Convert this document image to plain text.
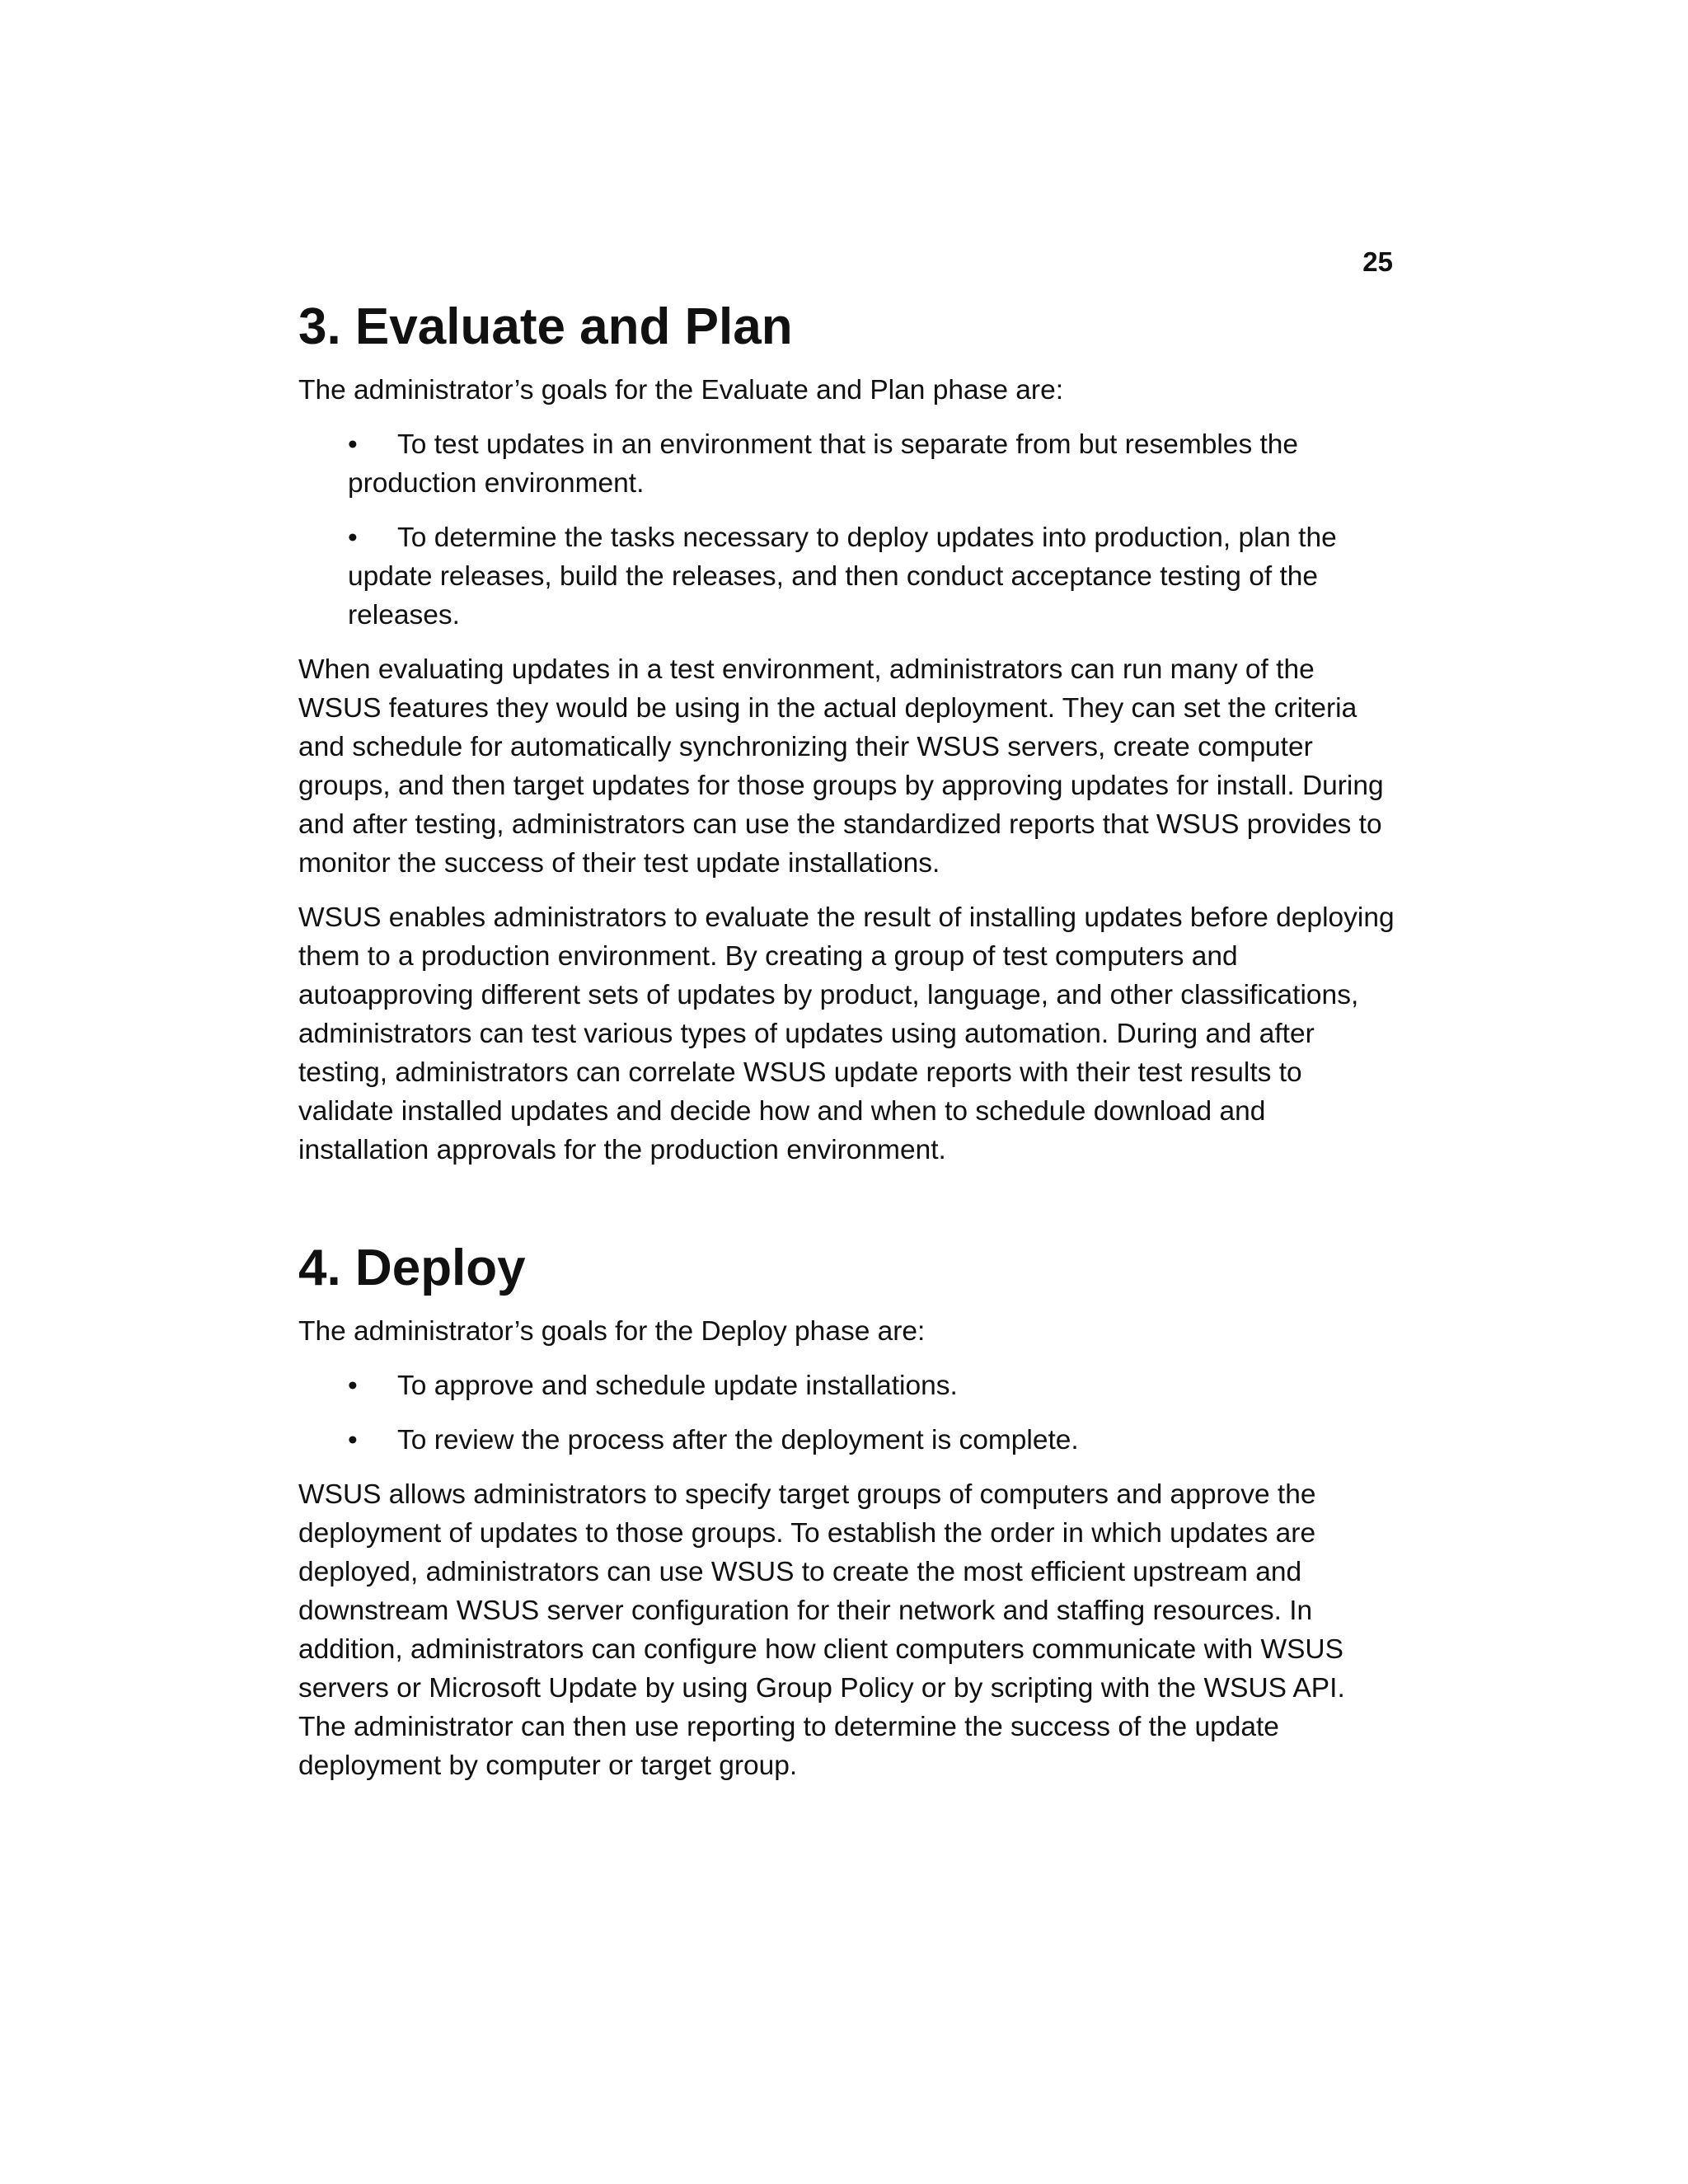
25
3. Evaluate and Plan

The administrator’s goals for the Evaluate and Plan phase are:

• To test updates in an environment that is separate from but resembles the production environment.
• To determine the tasks necessary to deploy updates into production, plan the update releases, build the releases, and then conduct acceptance testing of the releases.

When evaluating updates in a test environment, administrators can run many of the WSUS features they would be using in the actual deployment. They can set the criteria and schedule for automatically synchronizing their WSUS servers, create computer groups, and then target updates for those groups by approving updates for install. During and after testing, administrators can use the standardized reports that WSUS provides to monitor the success of their test update installations.

WSUS enables administrators to evaluate the result of installing updates before deploying them to a production environment. By creating a group of test computers and autoapproving different sets of updates by product, language, and other classifications, administrators can test various types of updates using automation. During and after testing, administrators can correlate WSUS update reports with their test results to validate installed updates and decide how and when to schedule download and installation approvals for the production environment.

4. Deploy

The administrator’s goals for the Deploy phase are:

• To approve and schedule update installations.
• To review the process after the deployment is complete.

WSUS allows administrators to specify target groups of computers and approve the deployment of updates to those groups. To establish the order in which updates are deployed, administrators can use WSUS to create the most efficient upstream and downstream WSUS server configuration for their network and staffing resources. In addition, administrators can configure how client computers communicate with WSUS servers or Microsoft Update by using Group Policy or by scripting with the WSUS API. The administrator can then use reporting to determine the success of the update deployment by computer or target group.
